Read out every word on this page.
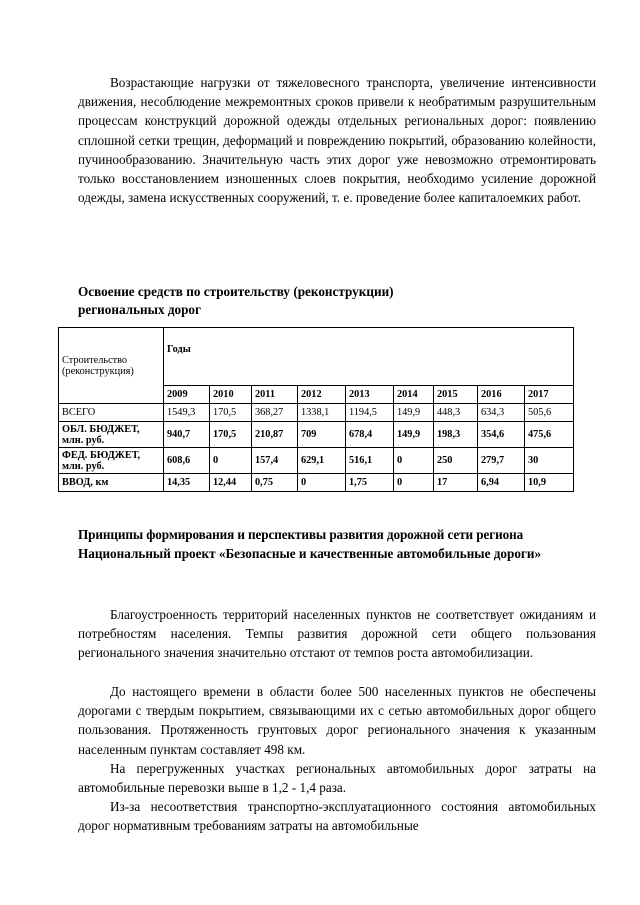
Возрастающие нагрузки от тяжеловесного транспорта, увеличение интенсивности движения, несоблюдение межремонтных сроков привели к необратимым разрушительным процессам конструкций дорожной одежды отдельных региональных дорог: появлению сплошной сетки трещин, деформаций и повреждению покрытий, образованию колейности, пучинообразованию. Значительную часть этих дорог уже невозможно отремонтировать только восстановлением изношенных слоев покрытия, необходимо усиление дорожной одежды, замена искусственных сооружений, т. е. проведение более капиталоемких работ.

Освоение средств по строительству (реконструкции)

региональных дорог

Строительство (реконструкция)	Годы								
	2009	2010	2011	2012	2013	2014	2015	2016	2017
ВСЕГО	1549,3	170,5	368,27	1338,1	1194,5	149,9	448,3	634,3	505,6
ОБЛ. БЮДЖЕТ, млн. руб.	940,7	170,5	210,87	709	678,4	149,9	198,3	354,6	475,6
ФЕД. БЮДЖЕТ, млн. руб.	608,6	0	157,4	629,1	516,1	0	250	279,7	30
ВВОД, км	14,35	12,44	0,75	0	1,75	0	17	6,94	10,9

Принципы формирования и перспективы развития дорожной сети региона

Национальный проект «Безопасные и качественные автомобильные дороги»

Благоустроенность территорий населенных пунктов не соответствует ожиданиям и потребностям населения. Темпы развития дорожной сети общего пользования регионального значения значительно отстают от темпов роста автомобилизации.

До настоящего времени в области более 500 населенных пунктов не обеспечены дорогами с твердым покрытием, связывающими их с сетью автомобильных дорог общего пользования. Протяженность грунтовых дорог регионального значения к указанным населенным пунктам составляет 498 км.

На перегруженных участках региональных автомобильных дорог затраты на автомобильные перевозки выше в 1,2 - 1,4 раза.

Из-за несоответствия транспортно-эксплуатационного состояния автомобильных дорог нормативным требованиям затраты на автомобильные
